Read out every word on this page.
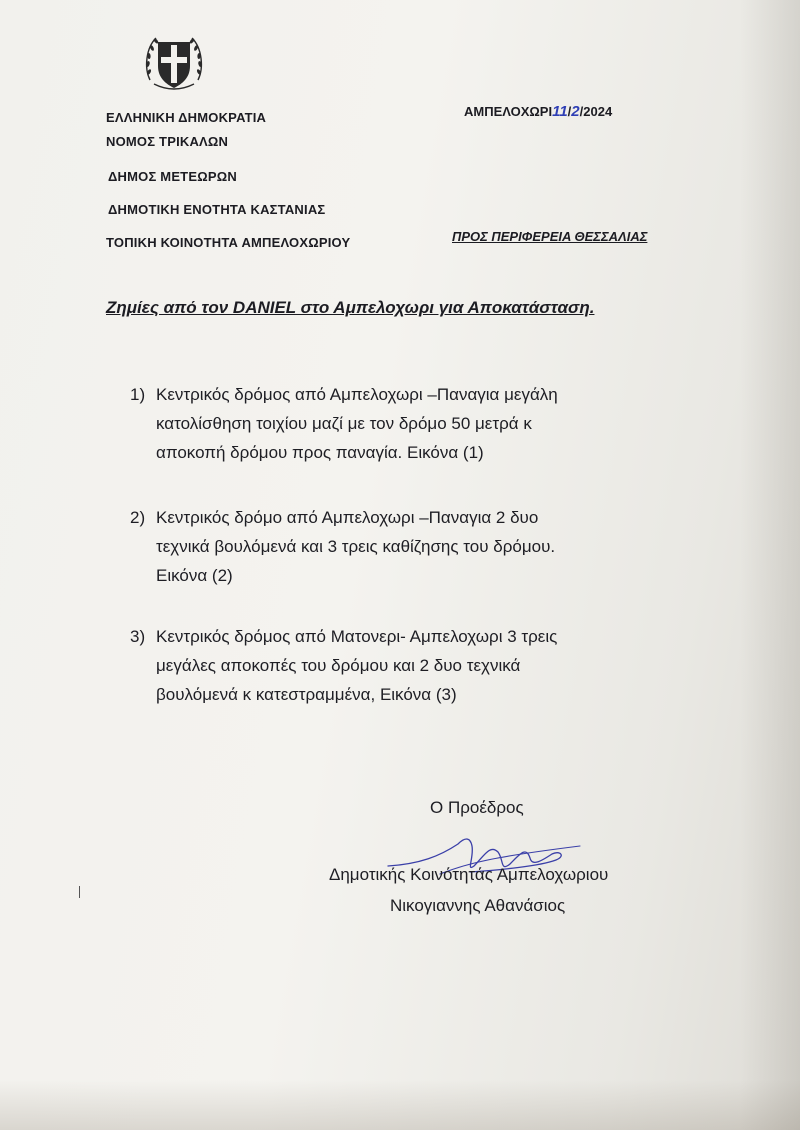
ΕΛΛΗΝΙΚΗ ΔΗΜΟΚΡΑΤΙΑ
ΝΟΜΟΣ ΤΡΙΚΑΛΩΝ
ΔΗΜΟΣ ΜΕΤΕΩΡΩΝ
ΔΗΜΟΤΙΚΗ ΕΝΟΤΗΤΑ ΚΑΣΤΑΝΙΑΣ
ΤΟΠΙΚΗ ΚΟΙΝΟΤΗΤΑ ΑΜΠΕΛΟΧΩΡΙΟΥ
ΑΜΠΕΛΟΧΩΡΙ11/2/2024
ΠΡΟΣ ΠΕΡΙΦΕΡΕΙΑ ΘΕΣΣΑΛΙΑΣ
Ζημίες από τον DANIEL στο Αμπελοχωρι για Αποκατάσταση.
1) Κεντρικός δρόμος από Αμπελοχωρι –Παναγια μεγάλη
κατολίσθηση τοιχίου μαζί με τον δρόμο 50 μετρά κ
αποκοπή δρόμου προς παναγία. Εικόνα (1)
2) Κεντρικός δρόμο από Αμπελοχωρι –Παναγια 2 δυο
τεχνικά βουλόμενά και 3 τρεις καθίζησης του δρόμου.
Εικόνα (2)
3) Κεντρικός δρόμος από Ματονερι- Αμπελοχωρι 3 τρεις
μεγάλες αποκοπές του δρόμου και 2 δυο τεχνικά
βουλόμενά κ κατεστραμμένα, Εικόνα (3)
Ο Προέδρος
Δημοτικής Κοινότητάς Αμπελοχωριου
Νικογιαννης Αθανάσιος
